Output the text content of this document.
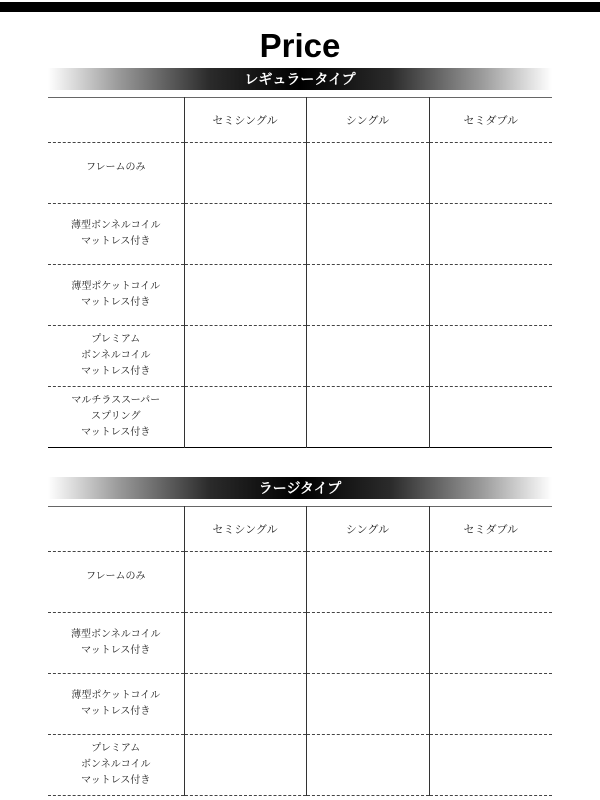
Price
レギュラータイプ
	セミシングル	シングル	セミダブル

フレームのみ			

薄型ボンネルコイル
マットレス付き			

薄型ポケットコイル
マットレス付き			

プレミアム
ボンネルコイル
マットレス付き			

マルチラススーパー
スプリング
マットレス付き			

ラージタイプ
	セミシングル	シングル	セミダブル

フレームのみ			

薄型ボンネルコイル
マットレス付き			

薄型ポケットコイル
マットレス付き			

プレミアム
ボンネルコイル
マットレス付き			
